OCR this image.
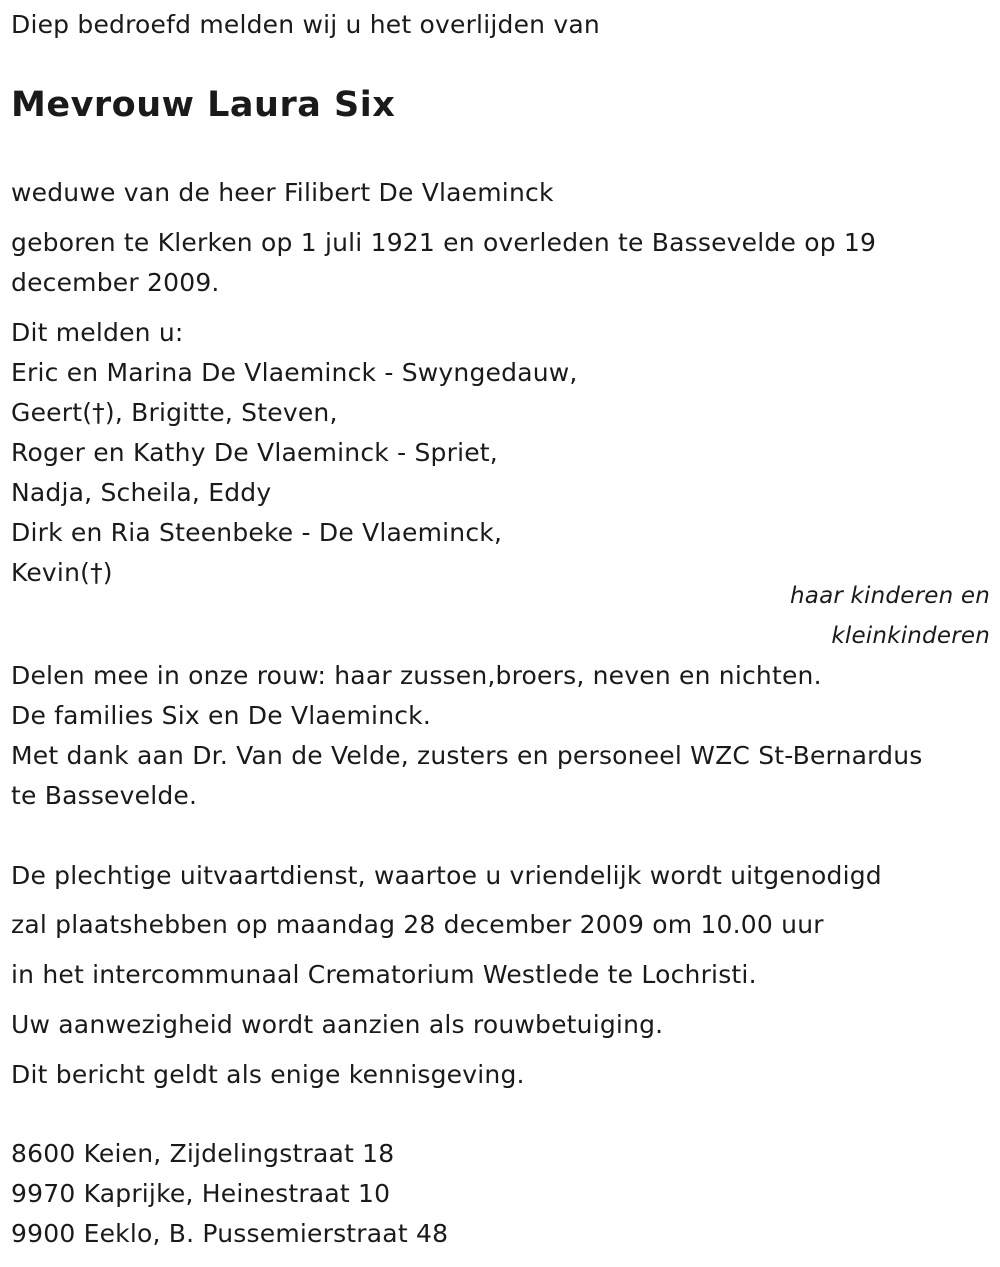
Diep bedroefd melden wij u het overlijden van
Mevrouw Laura Six
weduwe van de heer Filibert De Vlaeminck
geboren te Klerken op 1 juli 1921 en overleden te Bassevelde op 19
december 2009.
Dit melden u:
Eric en Marina De Vlaeminck - Swyngedauw,
Geert(†), Brigitte, Steven,
Roger en Kathy De Vlaeminck - Spriet,
Nadja, Scheila, Eddy
Dirk en Ria Steenbeke - De Vlaeminck,
Kevin(†)
haar kinderen en
kleinkinderen
Delen mee in onze rouw: haar zussen,broers, neven en nichten.
De families Six en De Vlaeminck.
Met dank aan Dr. Van de Velde, zusters en personeel WZC St-Bernardus
te Bassevelde.
De plechtige uitvaartdienst, waartoe u vriendelijk wordt uitgenodigd
zal plaatshebben op maandag 28 december 2009 om 10.00 uur
in het intercommunaal Crematorium Westlede te Lochristi.
Uw aanwezigheid wordt aanzien als rouwbetuiging.
Dit bericht geldt als enige kennisgeving.
8600 Keien, Zijdelingstraat 18
9970 Kaprijke, Heinestraat 10
9900 Eeklo, B. Pussemierstraat 48
